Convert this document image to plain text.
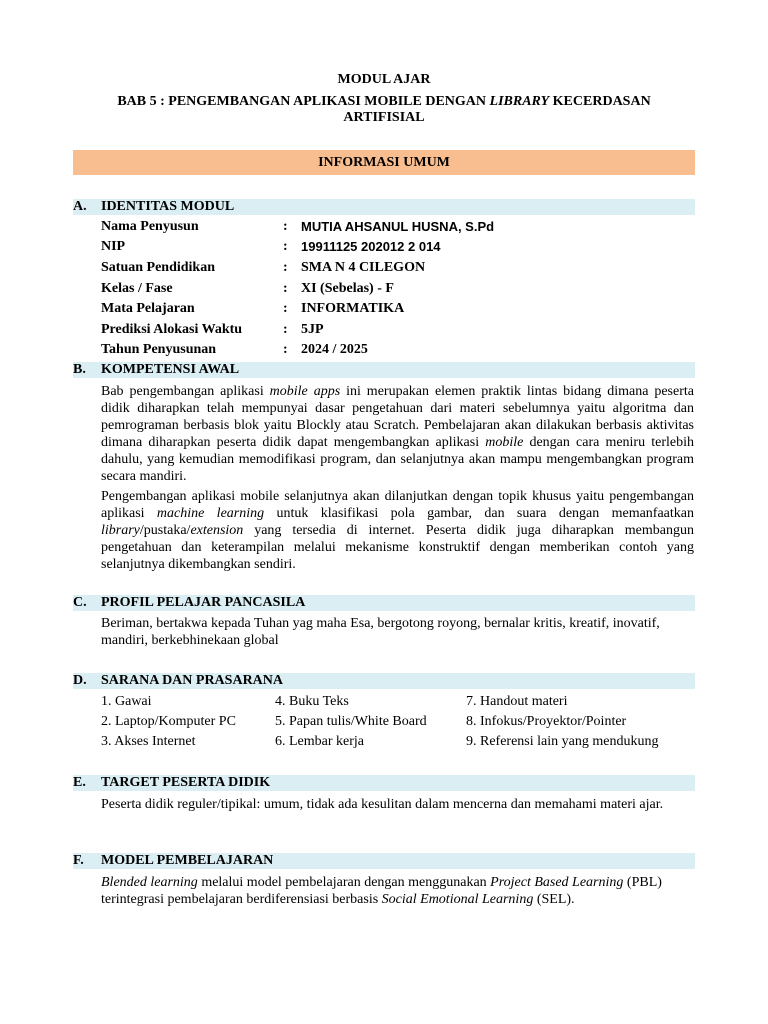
MODUL AJAR
BAB 5 : PENGEMBANGAN APLIKASI MOBILE DENGAN LIBRARY KECERDASAN
ARTIFISIAL
INFORMASI UMUM
A.	IDENTITAS MODUL
Nama Penyusun	: MUTIA AHSANUL HUSNA, S.Pd
NIP	: 19911125 202012 2 014
Satuan Pendidikan	: SMA N 4 CILEGON
Kelas / Fase	: XI (Sebelas) - F
Mata Pelajaran	: INFORMATIKA
Prediksi Alokasi Waktu	: 5JP
Tahun Penyusunan	: 2024 / 2025
B.	KOMPETENSI AWAL

Bab pengembangan aplikasi mobile apps ini merupakan elemen praktik lintas bidang dimana peserta didik diharapkan telah mempunyai dasar pengetahuan dari materi sebelumnya yaitu algoritma dan pemrograman berbasis blok yaitu Blockly atau Scratch. Pembelajaran akan dilakukan berbasis aktivitas dimana diharapkan peserta didik dapat mengembangkan aplikasi mobile dengan cara meniru terlebih dahulu, yang kemudian memodifikasi program, dan selanjutnya akan mampu mengembangkan program secara mandiri.

Pengembangan aplikasi mobile selanjutnya akan dilanjutkan dengan topik khusus yaitu pengembangan aplikasi machine learning untuk klasifikasi pola gambar, dan suara dengan memanfaatkan library/pustaka/extension yang tersedia di internet. Peserta didik juga diharapkan membangun pengetahuan dan keterampilan melalui mekanisme konstruktif dengan memberikan contoh yang selanjutnya dikembangkan sendiri.

C.	PROFIL PELAJAR PANCASILA

Beriman, bertakwa kepada Tuhan yag maha Esa, bergotong royong, bernalar kritis, kreatif, inovatif, mandiri, berkebhinekaan global

D.	SARANA DAN PRASARANA
1. Gawai	4. Buku Teks	7. Handout materi
2. Laptop/Komputer PC	5. Papan tulis/White Board	8. Infokus/Proyektor/Pointer
3. Akses Internet	6. Lembar kerja	9. Referensi lain yang mendukung
E.	TARGET PESERTA DIDIK

Peserta didik reguler/tipikal: umum, tidak ada kesulitan dalam mencerna dan memahami materi ajar.

F.	MODEL PEMBELAJARAN

Blended learning melalui model pembelajaran dengan menggunakan Project Based Learning (PBL) terintegrasi pembelajaran berdiferensiasi berbasis Social Emotional Learning (SEL).
